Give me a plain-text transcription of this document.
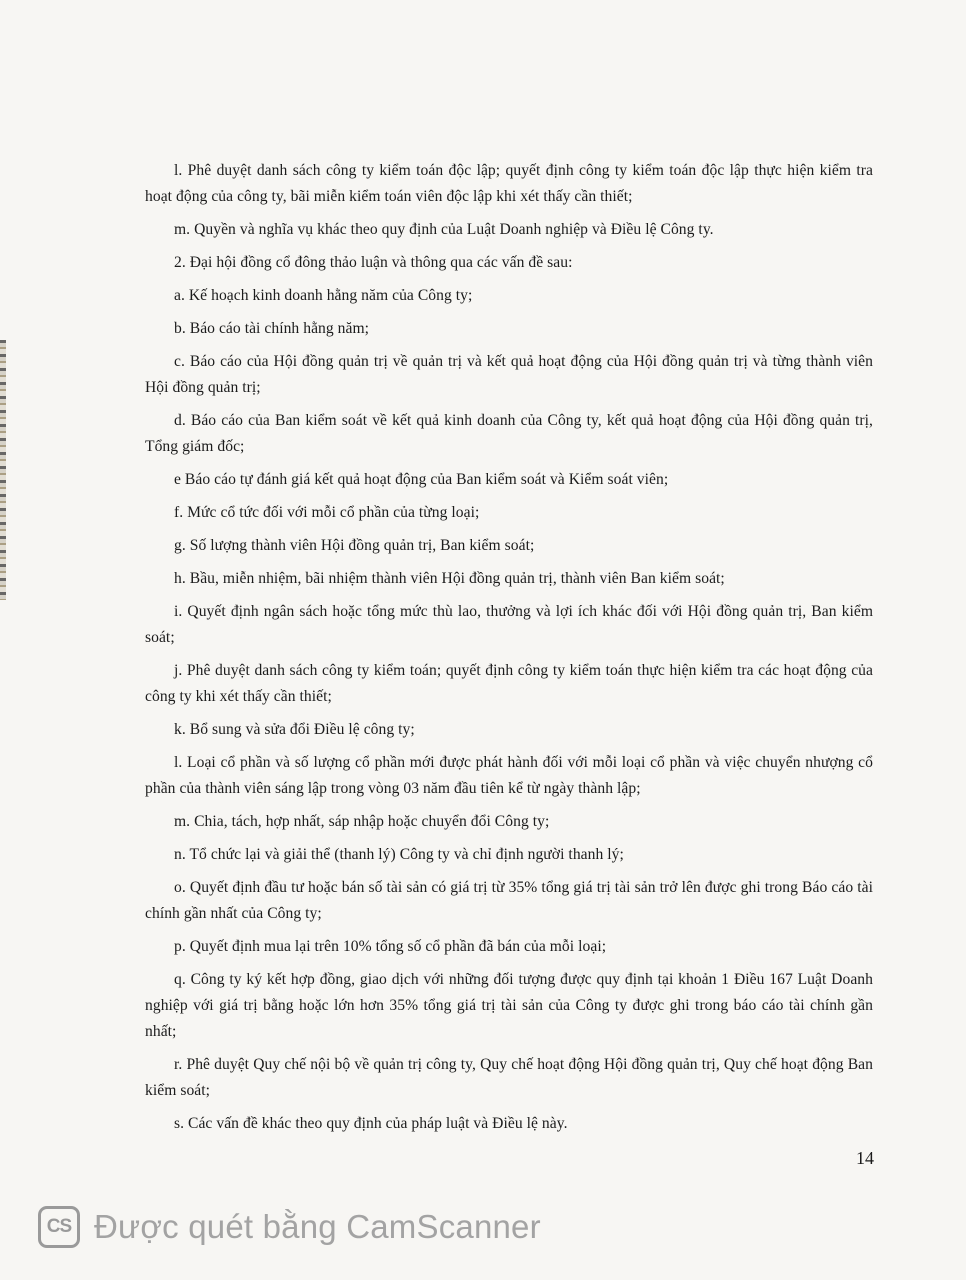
l. Phê duyệt danh sách công ty kiểm toán độc lập; quyết định công ty kiểm toán độc lập thực hiện kiểm tra hoạt động của công ty, bãi miễn kiểm toán viên độc lập khi xét thấy cần thiết;

m. Quyền và nghĩa vụ khác theo quy định của Luật Doanh nghiệp và Điều lệ Công ty.

2. Đại hội đồng cổ đông thảo luận và thông qua các vấn đề sau:

a. Kế hoạch kinh doanh hằng năm của Công ty;

b. Báo cáo tài chính hằng năm;

c. Báo cáo của Hội đồng quản trị về quản trị và kết quả hoạt động của Hội đồng quản trị và từng thành viên Hội đồng quản trị;

d. Báo cáo của Ban kiểm soát về kết quả kinh doanh của Công ty, kết quả hoạt động của Hội đồng quản trị, Tổng giám đốc;

e Báo cáo tự đánh giá kết quả hoạt động của Ban kiểm soát và Kiểm soát viên;

f. Mức cổ tức đối với mỗi cổ phần của từng loại;

g. Số lượng thành viên Hội đồng quản trị, Ban kiểm soát;

h. Bầu, miễn nhiệm, bãi nhiệm thành viên Hội đồng quản trị, thành viên Ban kiểm soát;

i. Quyết định ngân sách hoặc tổng mức thù lao, thưởng và lợi ích khác đối với Hội đồng quản trị, Ban kiểm soát;

j. Phê duyệt danh sách công ty kiểm toán; quyết định công ty kiểm toán thực hiện kiểm tra các hoạt động của công ty khi xét thấy cần thiết;

k. Bổ sung và sửa đổi Điều lệ công ty;

l. Loại cổ phần và số lượng cổ phần mới được phát hành đối với mỗi loại cổ phần và việc chuyển nhượng cổ phần của thành viên sáng lập trong vòng 03 năm đầu tiên kể từ ngày thành lập;

m. Chia, tách, hợp nhất, sáp nhập hoặc chuyển đổi Công ty;

n. Tổ chức lại và giải thể (thanh lý) Công ty và chỉ định người thanh lý;

o. Quyết định đầu tư hoặc bán số tài sản có giá trị từ 35% tổng giá trị tài sản trở lên được ghi trong Báo cáo tài chính gần nhất của Công ty;

p. Quyết định mua lại trên 10% tổng số cổ phần đã bán của mỗi loại;

q. Công ty ký kết hợp đồng, giao dịch với những đối tượng được quy định tại khoản 1 Điều 167 Luật Doanh nghiệp với giá trị bằng hoặc lớn hơn 35% tổng giá trị tài sản của Công ty được ghi trong báo cáo tài chính gần nhất;

r. Phê duyệt Quy chế nội bộ về quản trị công ty, Quy chế hoạt động Hội đồng quản trị, Quy chế hoạt động Ban kiểm soát;

s. Các vấn đề khác theo quy định của pháp luật và Điều lệ này.

14
CS Được quét bằng CamScanner
